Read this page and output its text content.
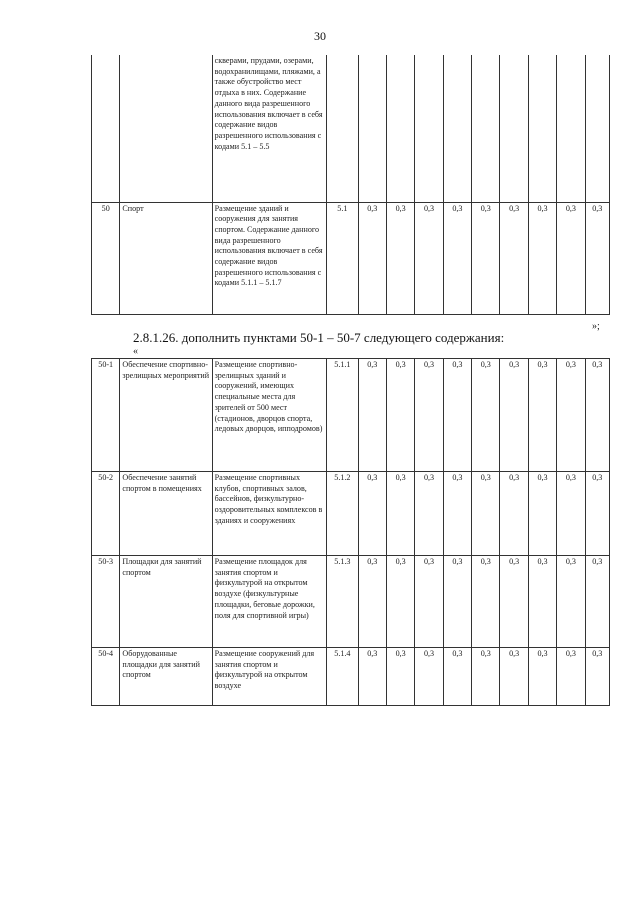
30
		скверами, прудами, озерами, водохранилищами, пляжами, а также обустройство мест отдыха в них. Содержание данного вида разрешенного использования включает в себя содержание видов разрешенного использования с кодами 5.1 – 5.5										
50	Спорт	Размещение зданий и сооружения для занятия спортом. Содержание данного вида разрешенного использования включает в себя содержание видов разрешенного использования с кодами 5.1.1 – 5.1.7	5.1	0,3	0,3	0,3	0,3	0,3	0,3	0,3	0,3	0,3
»;
2.8.1.26. дополнить пунктами 50-1 – 50-7 следующего содержания:
«
50-1	Обеспечение спортивно-зрелищных мероприятий	Размещение спортивно-зрелищных зданий и сооружений, имеющих специальные места для зрителей от 500 мест (стадионов, дворцов спорта, ледовых дворцов, ипподромов)	5.1.1	0,3	0,3	0,3	0,3	0,3	0,3	0,3	0,3	0,3
50-2	Обеспечение занятий спортом в помещениях	Размещение спортивных клубов, спортивных залов, бассейнов, физкультурно-оздоровительных комплексов в зданиях и сооружениях	5.1.2	0,3	0,3	0,3	0,3	0,3	0,3	0,3	0,3	0,3
50-3	Площадки для занятий спортом	Размещение площадок для занятия спортом и физкультурой на открытом воздухе (физкультурные площадки, беговые дорожки, поля для спортивной игры)	5.1.3	0,3	0,3	0,3	0,3	0,3	0,3	0,3	0,3	0,3
50-4	Оборудованные площадки для занятий спортом	Размещение сооружений для занятия спортом и физкультурой на открытом воздухе	5.1.4	0,3	0,3	0,3	0,3	0,3	0,3	0,3	0,3	0,3
